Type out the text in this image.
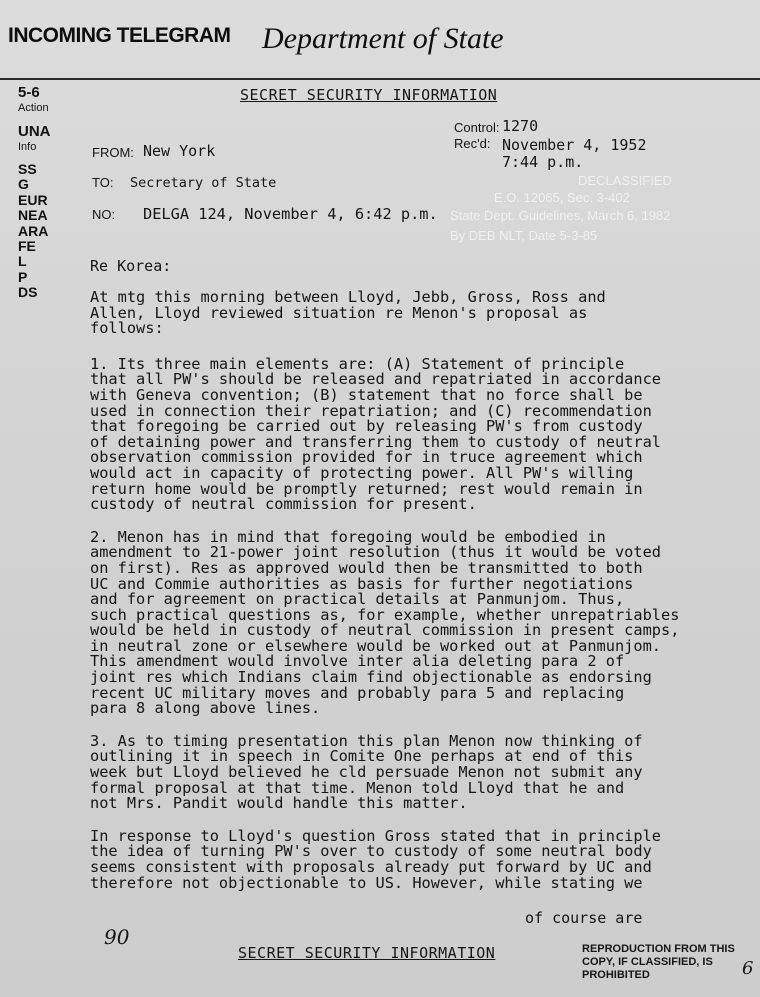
INCOMING TELEGRAM Department of State
SECRET SECURITY INFORMATION
5-6
Action
UNA
Info
SS
G
EUR
NEA
ARA
FE
L
P
DS
Control: 1270
Rec'd: November 4, 1952
7:44 p.m.
FROM: New York
TO: Secretary of State
NO: DELGA 124, November 4, 6:42 p.m.
DECLASSIFIED
E.O. 12065, Sec. 3-402
State Dept. Guidelines, March 6, 1982
By DEB NLT, Date 5-3-85
Re Korea:
At mtg this morning between Lloyd, Jebb, Gross, Ross and
Allen, Lloyd reviewed situation re Menon's proposal as
follows:
1. Its three main elements are: (A) Statement of principle
that all PW's should be released and repatriated in accordance
with Geneva convention; (B) statement that no force shall be
used in connection their repatriation; and (C) recommendation
that foregoing be carried out by releasing PW's from custody
of detaining power and transferring them to custody of neutral
observation commission provided for in truce agreement which
would act in capacity of protecting power. All PW's willing
return home would be promptly returned; rest would remain in
custody of neutral commission for present.
2. Menon has in mind that foregoing would be embodied in
amendment to 21-power joint resolution (thus it would be voted
on first). Res as approved would then be transmitted to both
UC and Commie authorities as basis for further negotiations
and for agreement on practical details at Panmunjom. Thus,
such practical questions as, for example, whether unrepatriables
would be held in custody of neutral commission in present camps,
in neutral zone or elsewhere would be worked out at Panmunjom.
This amendment would involve inter alia deleting para 2 of
joint res which Indians claim find objectionable as endorsing
recent UC military moves and probably para 5 and replacing
para 8 along above lines.
3. As to timing presentation this plan Menon now thinking of
outlining it in speech in Comite One perhaps at end of this
week but Lloyd believed he cld persuade Menon not submit any
formal proposal at that time. Menon told Lloyd that he and
not Mrs. Pandit would handle this matter.
In response to Lloyd's question Gross stated that in principle
the idea of turning PW's over to custody of some neutral body
seems consistent with proposals already put forward by UC and
therefore not objectionable to US. However, while stating we
of course are
90
SECRET SECURITY INFORMATION	REPRODUCTION FROM THIS
COPY, IF CLASSIFIED, IS
PROHIBITED	6
